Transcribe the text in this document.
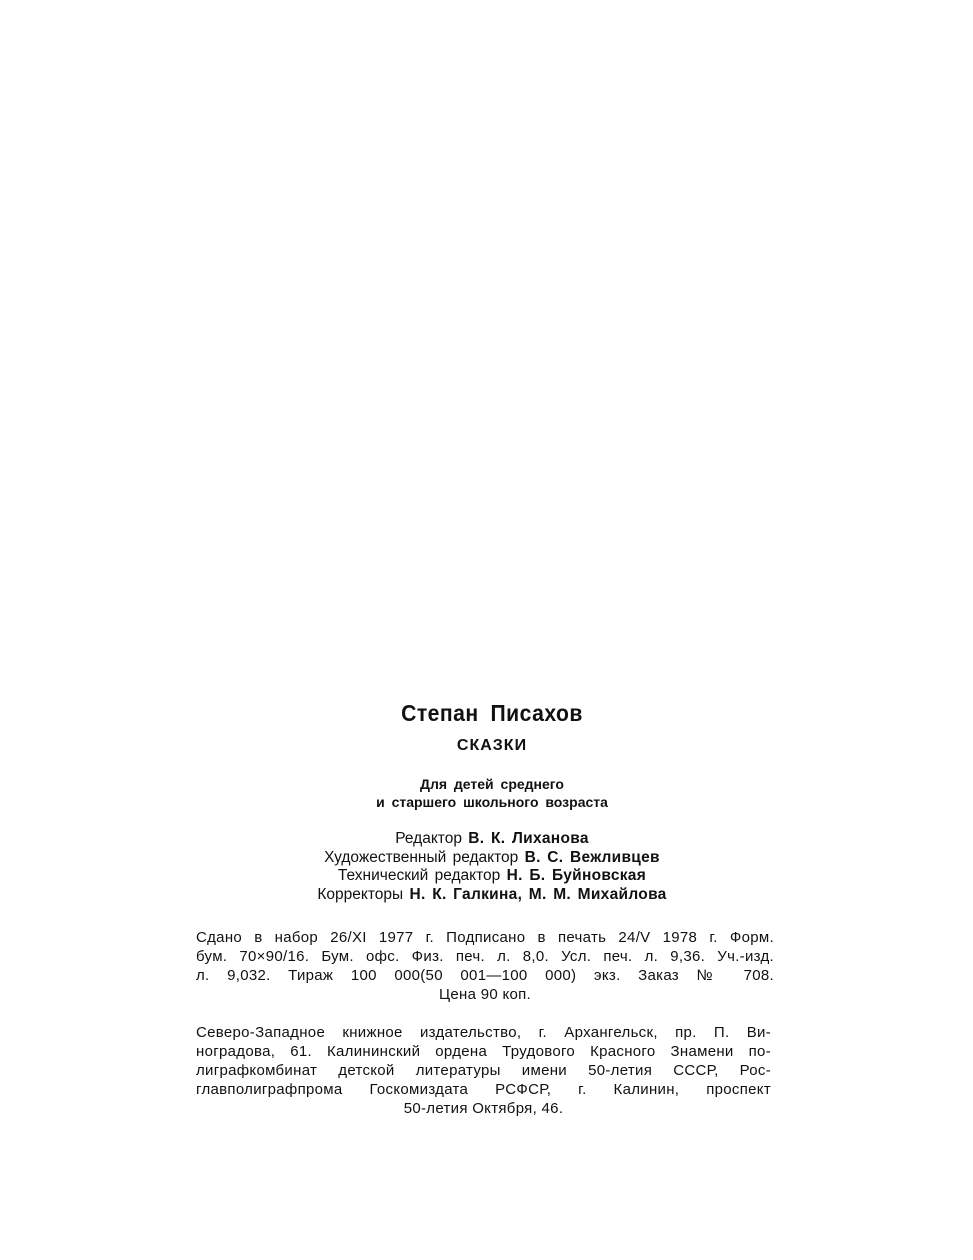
Степан Писахов
СКАЗКИ
Для детей среднего
и старшего школьного возраста
Редактор В. К. Лиханова
Художественный редактор В. С. Вежливцев
Технический редактор Н. Б. Буйновская
Корректоры Н. К. Галкина, М. М. Михайлова
Сдано в набор 26/XI 1977 г. Подписано в печать 24/V 1978 г. Форм.
бум. 70×90/16. Бум. офс. Физ. печ. л. 8,0. Усл. печ. л. 9,36. Уч.-изд.
л. 9,032. Тираж 100 000(50 001—100 000) экз. Заказ № 708.
Цена 90 коп.
Северо-Западное книжное издательство, г. Архангельск, пр. П. Ви-
ноградова, 61. Калининский ордена Трудового Красного Знамени по-
лиграфкомбинат детской литературы имени 50-летия СССР, Рос-
главполиграфпрома Госкомиздата РСФСР, г. Калинин, проспект
50-летия Октября, 46.
